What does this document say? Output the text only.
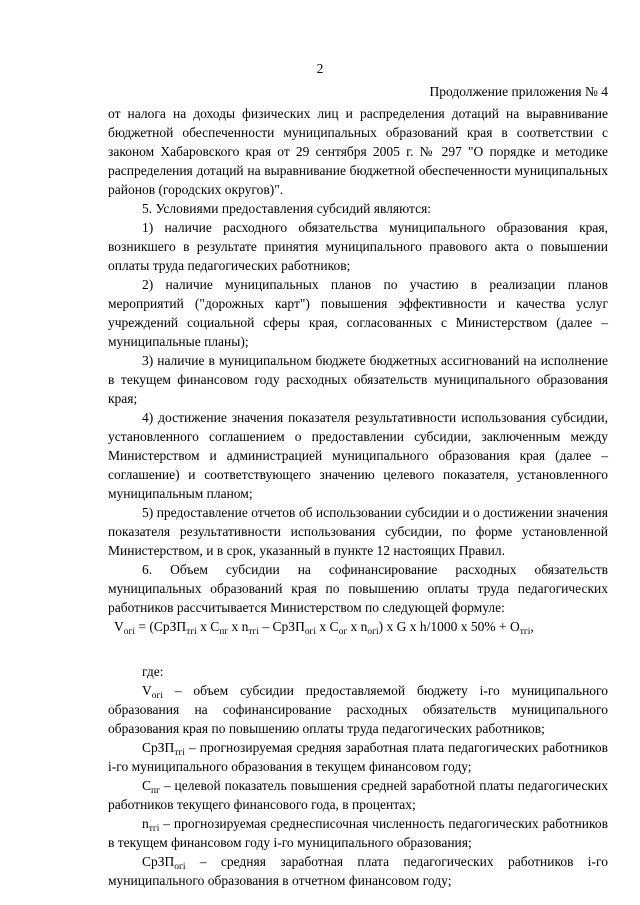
2
Продолжение приложения № 4

от налога на доходы физических лиц и распределения дотаций на выравнивание бюджетной обеспеченности муниципальных образований края в соответствии с законом Хабаровского края от 29 сентября 2005 г. № 297 "О порядке и методике распределения дотаций на выравнивание бюджетной обеспеченности муниципальных районов (городских округов)".

5. Условиями предоставления субсидий являются:

1) наличие расходного обязательства муниципального образования края, возникшего в результате принятия муниципального правового акта о повышении оплаты труда педагогических работников;

2) наличие муниципальных планов по участию в реализации планов мероприятий ("дорожных карт") повышения эффективности и качества услуг учреждений социальной сферы края, согласованных с Министерством (далее – муниципальные планы);

3) наличие в муниципальном бюджете бюджетных ассигнований на исполнение в текущем финансовом году расходных обязательств муниципального образования края;

4) достижение значения показателя результативности использования субсидии, установленного соглашением о предоставлении субсидии, заключенным между Министерством и администрацией муниципального образования края (далее – соглашение) и соответствующего значению целевого показателя, установленного муниципальным планом;

5) предоставление отчетов об использовании субсидии и о достижении значения показателя результативности использования субсидии, по форме установленной Министерством, и в срок, указанный в пункте 12 настоящих Правил.

6. Объем субсидии на софинансирование расходных обязательств муниципальных образований края по повышению оплаты труда педагогических работников рассчитывается Министерством по следующей формуле:

$V_{огi}$ = (СрЗП$_{тгi}$ x $C_{пг}$ x $n_{тгi}$ – СрЗП$_{огi}$ x $C_{ог}$ x $n_{огi}$) x G x h/1000 x $50\% + O_{тгi}$,

где:

$V_{огi}$ – объем субсидии предоставляемой бюджету i-го муниципального образования на софинансирование расходных обязательств муниципального образования края по повышению оплаты труда педагогических работников;

СрЗП$_{тгi}$ – прогнозируемая средняя заработная плата педагогических работников i-го муниципального образования в текущем финансовом году;

$C_{пг}$ – целевой показатель повышения средней заработной платы педагогических работников текущего финансового года, в процентах;

$n_{тгi}$ – прогнозируемая среднесписочная численность педагогических работников в текущем финансовом году i-го муниципального образования;

СрЗП$_{огi}$ – средняя заработная плата педагогических работников i-го муниципального образования в отчетном финансовом году;
